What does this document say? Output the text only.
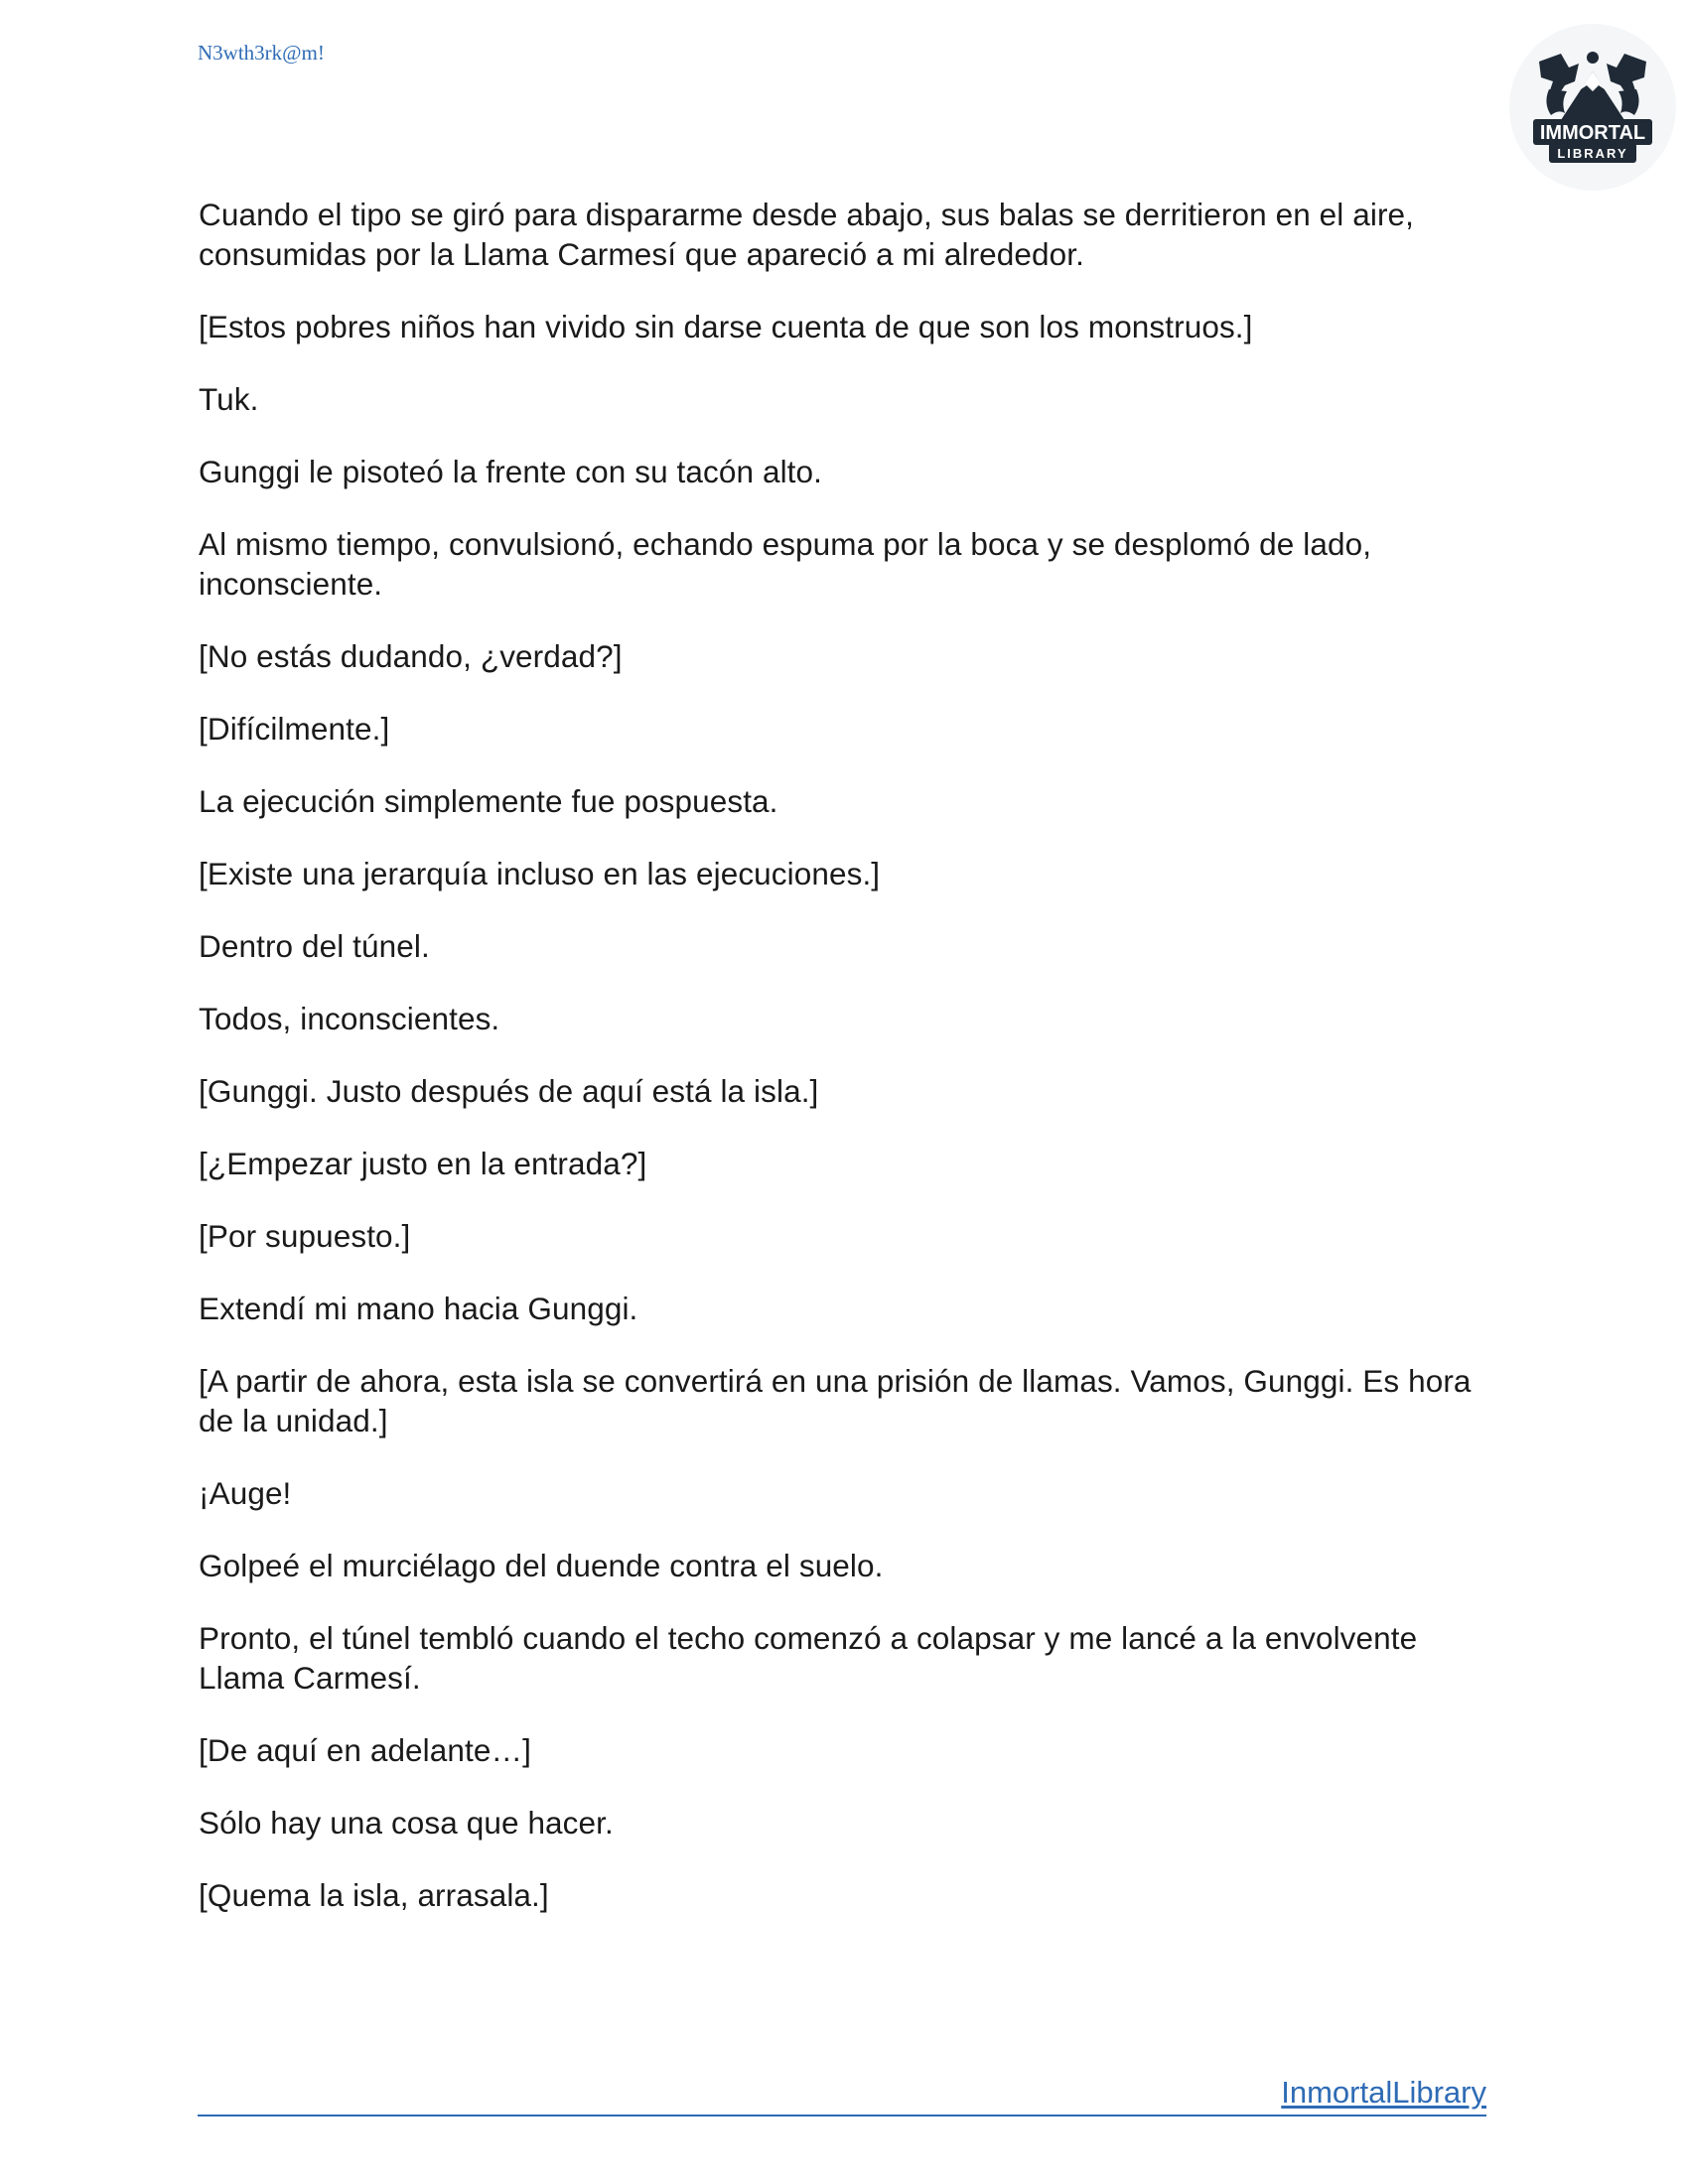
N3wth3rk@m!
IMMORTAL
LIBRARY

Cuando el tipo se giró para dispararme desde abajo, sus balas se derritieron en el aire, consumidas por la Llama Carmesí que apareció a mi alrededor.

[Estos pobres niños han vivido sin darse cuenta de que son los monstruos.]

Tuk.

Gunggi le pisoteó la frente con su tacón alto.

Al mismo tiempo, convulsionó, echando espuma por la boca y se desplomó de lado, inconsciente.

[No estás dudando, ¿verdad?]

[Difícilmente.]

La ejecución simplemente fue pospuesta.

[Existe una jerarquía incluso en las ejecuciones.]

Dentro del túnel.

Todos, inconscientes.

[Gunggi. Justo después de aquí está la isla.]

[¿Empezar justo en la entrada?]

[Por supuesto.]

Extendí mi mano hacia Gunggi.

[A partir de ahora, esta isla se convertirá en una prisión de llamas. Vamos, Gunggi. Es hora de la unidad.]

¡Auge!

Golpeé el murciélago del duende contra el suelo.

Pronto, el túnel tembló cuando el techo comenzó a colapsar y me lancé a la envolvente Llama Carmesí.

[De aquí en adelante…]

Sólo hay una cosa que hacer.

[Quema la isla, arrasala.]

InmortalLibrary
